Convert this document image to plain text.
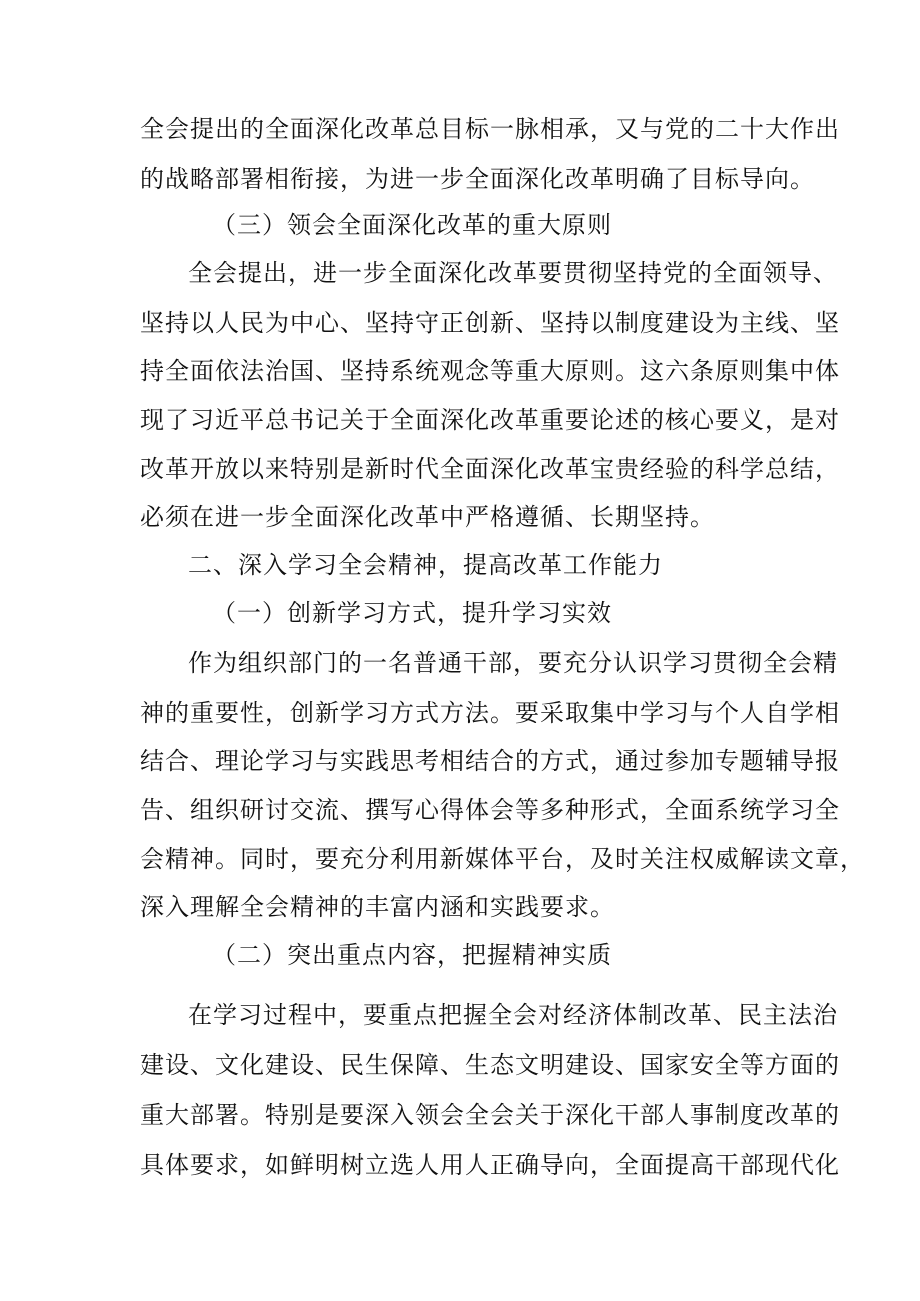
全会提出的全面深化改革总目标一脉相承，又与党的二十大作出

的战略部署相衔接，为进一步全面深化改革明确了目标导向。

（三）领会全面深化改革的重大原则

全会提出，进一步全面深化改革要贯彻坚持党的全面领导、

坚持以人民为中心、坚持守正创新、坚持以制度建设为主线、坚

持全面依法治国、坚持系统观念等重大原则。这六条原则集中体

现了习近平总书记关于全面深化改革重要论述的核心要义，是对

改革开放以来特别是新时代全面深化改革宝贵经验的科学总结，

必须在进一步全面深化改革中严格遵循、长期坚持。

二、深入学习全会精神，提高改革工作能力

（一）创新学习方式，提升学习实效

作为组织部门的一名普通干部，要充分认识学习贯彻全会精

神的重要性，创新学习方式方法。要采取集中学习与个人自学相

结合、理论学习与实践思考相结合的方式，通过参加专题辅导报

告、组织研讨交流、撰写心得体会等多种形式，全面系统学习全

会精神。同时，要充分利用新媒体平台，及时关注权威解读文章，

深入理解全会精神的丰富内涵和实践要求。

（二）突出重点内容，把握精神实质

在学习过程中，要重点把握全会对经济体制改革、民主法治

建设、文化建设、民生保障、生态文明建设、国家安全等方面的

重大部署。特别是要深入领会全会关于深化干部人事制度改革的

具体要求，如鲜明树立选人用人正确导向，全面提高干部现代化
